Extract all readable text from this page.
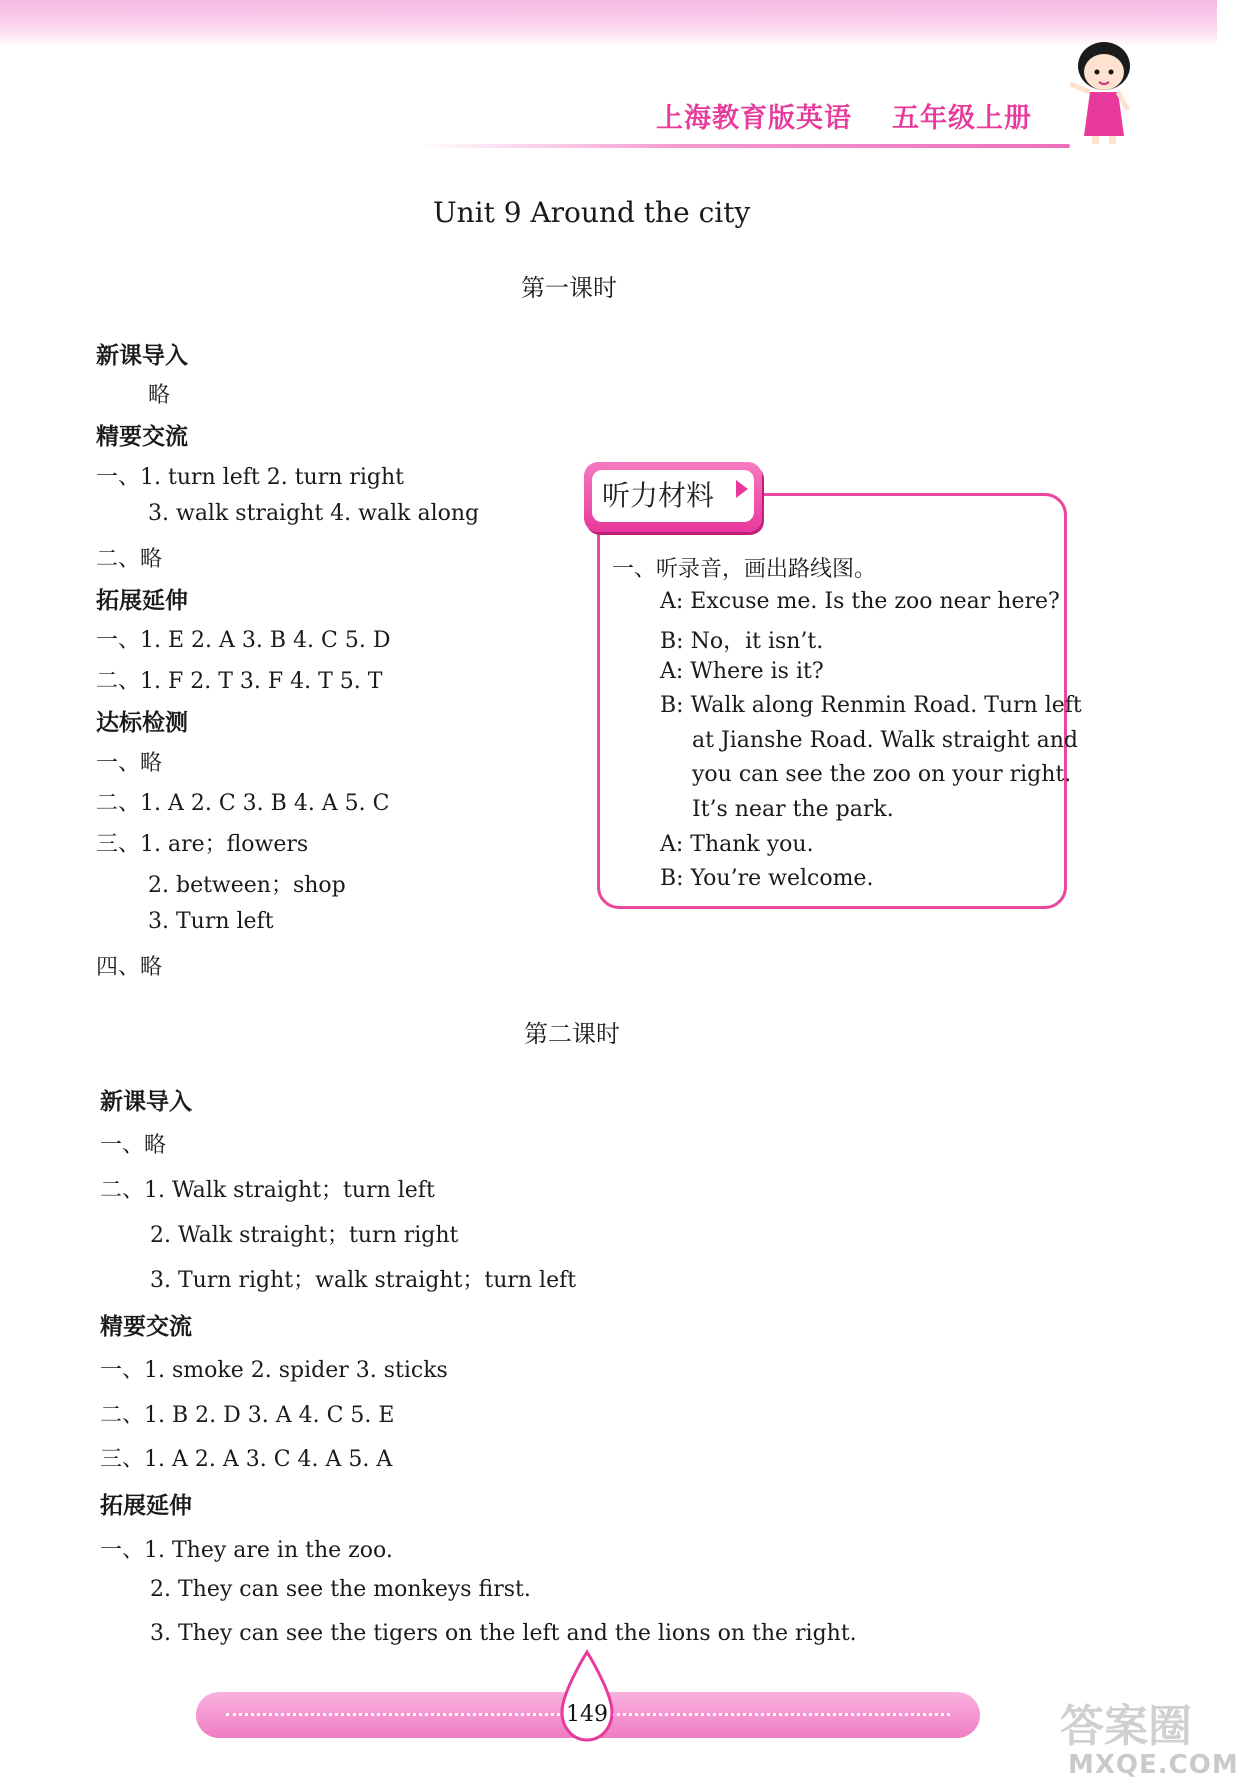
上海教育版英语 五年级上册
Unit 9 Around the city
第一课时
新课导入
略
精要交流
一、1. turn left 2. turn right
3. walk straight 4. walk along
二、略
拓展延伸
一、1. E 2. A 3. B 4. C 5. D
二、1. F 2. T 3. F 4. T 5. T
达标检测
一、略
二、1. A 2. C 3. B 4. A 5. C
三、1. are；flowers
2. between；shop
3. Turn left
四、略
听力材料
一、听录音，画出路线图。
A: Excuse me. Is the zoo near here?
B: No，it isn’t.
A: Where is it?
B: Walk along Renmin Road. Turn left
at Jianshe Road. Walk straight and
you can see the zoo on your right.
It’s near the park.
A: Thank you.
B: You’re welcome.
第二课时
新课导入
一、略
二、1. Walk straight；turn left
2. Walk straight；turn right
3. Turn right；walk straight；turn left
精要交流
一、1. smoke 2. spider 3. sticks
二、1. B 2. D 3. A 4. C 5. E
三、1. A 2. A 3. C 4. A 5. A
拓展延伸
一、1. They are in the zoo.
2. They can see the monkeys first.
3. They can see the tigers on the left and the lions on the right.
149	答案圈
MXQE.COM
